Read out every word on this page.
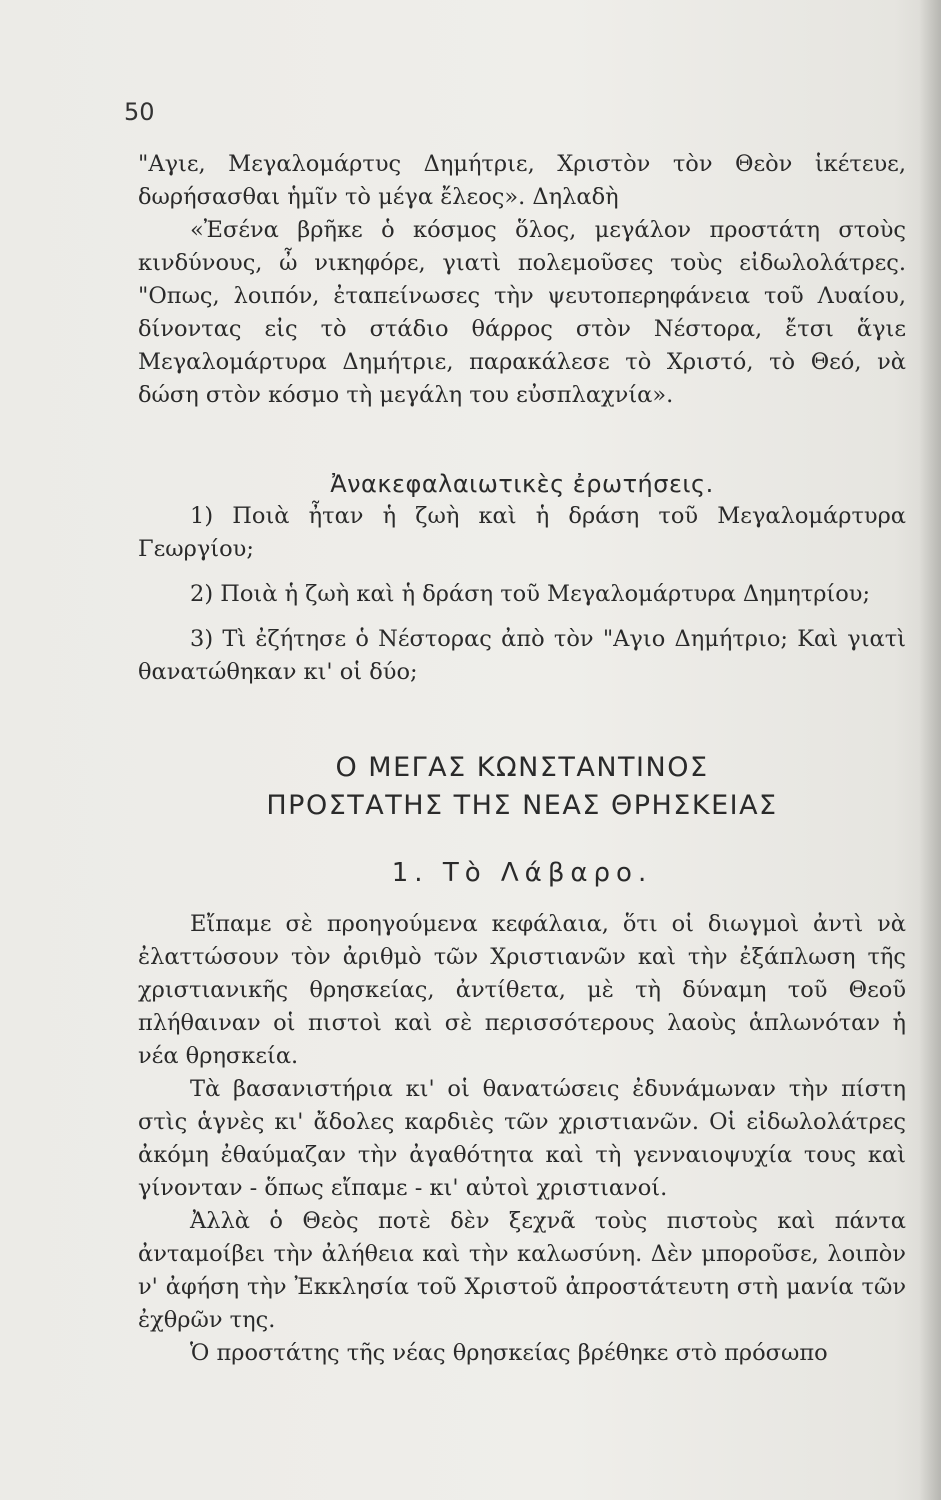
50

"Αγιε, Μεγαλομάρτυς Δημήτριε, Χριστὸν τὸν Θεὸν ἱκέτευε, δωρήσασθαι ἡμῖν τὸ μέγα ἔλεος». Δηλαδὴ

«Ἐσένα βρῆκε ὁ κόσμος ὅλος, μεγάλον προστάτη στοὺς κινδύνους, ὦ νικηφόρε, γιατὶ πολεμοῦσες τοὺς εἰδωλολάτρες. "Οπως, λοιπόν, ἐταπείνωσες τὴν ψευτοπερηφάνεια τοῦ Λυαίου, δίνοντας εἰς τὸ στάδιο θάρρος στὸν Νέστορα, ἔτσι ἅγιε Μεγαλομάρτυρα Δημήτριε, παρακάλεσε τὸ Χριστό, τὸ Θεό, νὰ δώση στὸν κόσμο τὴ μεγάλη του εὐσπλαχνία».

Ἀνακεφαλαιωτικὲς ἐρωτήσεις.

1) Ποιὰ ἦταν ἡ ζωὴ καὶ ἡ δράση τοῦ Μεγαλομάρτυρα Γεωργίου;

2) Ποιὰ ἡ ζωὴ καὶ ἡ δράση τοῦ Μεγαλομάρτυρα Δημητρίου;

3) Τὶ ἐζήτησε ὁ Νέστορας ἀπὸ τὸν "Αγιο Δημήτριο; Καὶ γιατὶ θανατώθηκαν κι' οἱ δύο;

Ο ΜΕΓΑΣ ΚΩΝΣΤΑΝΤΙΝΟΣ
ΠΡΟΣΤΑΤΗΣ ΤΗΣ ΝΕΑΣ ΘΡΗΣΚΕΙΑΣ
1. Τὸ Λάβαρο.

Εἴπαμε σὲ προηγούμενα κεφάλαια, ὅτι οἱ διωγμοὶ ἀντὶ νὰ ἐλαττώσουν τὸν ἀριθμὸ τῶν Χριστιανῶν καὶ τὴν ἐξάπλωση τῆς χριστιανικῆς θρησκείας, ἀντίθετα, μὲ τὴ δύναμη τοῦ Θεοῦ πλήθαιναν οἱ πιστοὶ καὶ σὲ περισσότερους λαοὺς ἁπλωνόταν ἡ νέα θρησκεία.

Τὰ βασανιστήρια κι' οἱ θανατώσεις ἐδυνάμωναν τὴν πίστη στὶς ἁγνὲς κι' ἄδολες καρδιὲς τῶν χριστιανῶν. Οἱ εἰδωλολάτρες ἀκόμη ἐθαύμαζαν τὴν ἀγαθότητα καὶ τὴ γενναιοψυχία τους καὶ γίνονταν - ὅπως εἴπαμε - κι' αὐτοὶ χριστιανοί.

Ἀλλὰ ὁ Θεὸς ποτὲ δὲν ξεχνᾶ τοὺς πιστοὺς καὶ πάντα ἀνταμοίβει τὴν ἀλήθεια καὶ τὴν καλωσύνη. Δὲν μποροῦσε, λοιπὸν ν' ἀφήση τὴν Ἐκκλησία τοῦ Χριστοῦ ἀπροστάτευτη στὴ μανία τῶν ἐχθρῶν της.

Ὁ προστάτης τῆς νέας θρησκείας βρέθηκε στὸ πρόσωπο
